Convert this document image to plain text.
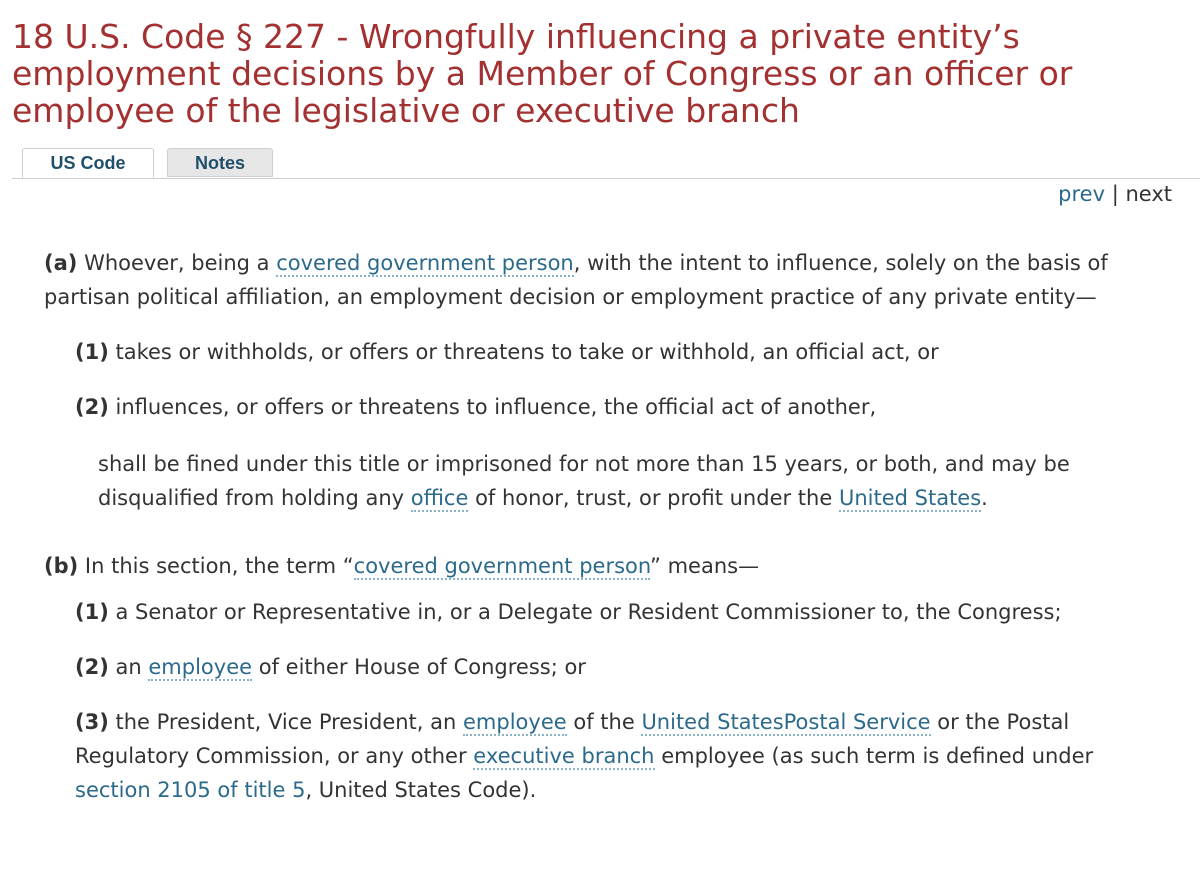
18 U.S. Code § 227 - Wrongfully influencing a private entity’s employment decisions by a Member of Congress or an officer or employee of the legislative or executive branch
US Code	Notes
prev | next

(a) Whoever, being a covered government person, with the intent to influence, solely on the basis of partisan political affiliation, an employment decision or employment practice of any private entity—

(1) takes or withholds, or offers or threatens to take or withhold, an official act, or

(2) influences, or offers or threatens to influence, the official act of another,

shall be fined under this title or imprisoned for not more than 15 years, or both, and may be disqualified from holding any office of honor, trust, or profit under the United States.

(b) In this section, the term “covered government person” means—

(1) a Senator or Representative in, or a Delegate or Resident Commissioner to, the Congress;

(2) an employee of either House of Congress; or

(3) the President, Vice President, an employee of the United StatesPostal Service or the Postal Regulatory Commission, or any other executive branch employee (as such term is defined under section 2105 of title 5, United States Code).
